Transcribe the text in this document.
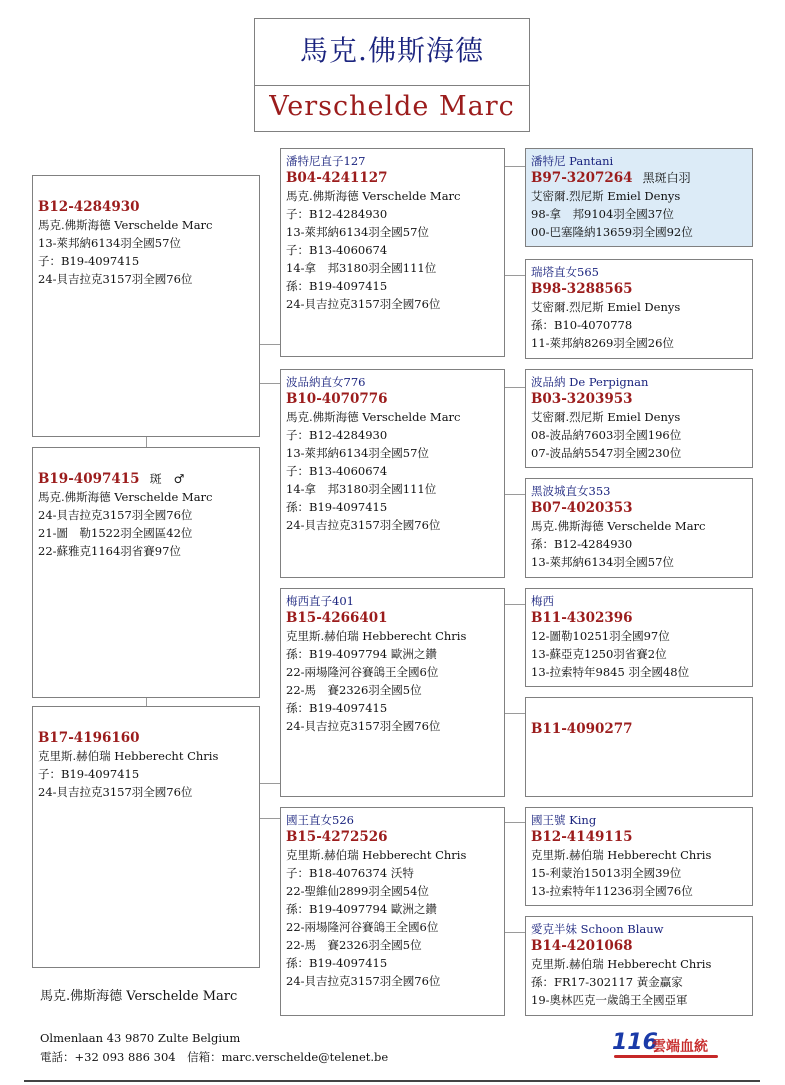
馬克.佛斯海德
Verschelde Marc
B12-4284930
馬克.佛斯海德 Verschelde Marc
13-萊邦納6134羽全國57位
子：B19-4097415
24-貝吉拉克3157羽全國76位
B19-4097415 斑　♂
馬克.佛斯海德 Verschelde Marc
24-貝吉拉克3157羽全國76位
21-圖　勒1522羽全國區42位
22-蘇雅克1164羽省賽97位
B17-4196160
克里斯.赫伯瑞 Hebberecht Chris
子：B19-4097415
24-貝吉拉克3157羽全國76位
潘特尼直子127
B04-4241127
馬克.佛斯海德 Verschelde Marc
子：B12-4284930
13-萊邦納6134羽全國57位
子：B13-4060674
14-拿　邦3180羽全國111位
孫：B19-4097415
24-貝吉拉克3157羽全國76位
波品納直女776
B10-4070776
馬克.佛斯海德 Verschelde Marc
子：B12-4284930
13-萊邦納6134羽全國57位
子：B13-4060674
14-拿　邦3180羽全國111位
孫：B19-4097415
24-貝吉拉克3157羽全國76位
梅西直子401
B15-4266401
克里斯.赫伯瑞 Hebberecht Chris
孫：B19-4097794 歐洲之鑽
22-兩場隆河谷賽鴿王全國6位
22-馬　賽2326羽全國5位
孫：B19-4097415
24-貝吉拉克3157羽全國76位
國王直女526
B15-4272526
克里斯.赫伯瑞 Hebberecht Chris
子：B18-4076374 沃特
22-聖維仙2899羽全國54位
孫：B19-4097794 歐洲之鑽
22-兩場隆河谷賽鴿王全國6位
22-馬　賽2326羽全國5位
孫：B19-4097415
24-貝吉拉克3157羽全國76位
潘特尼 Pantani
B97-3207264 黑斑白羽
艾密爾.烈尼斯 Emiel Denys
98-拿　邦9104羽全國37位
00-巴塞隆納13659羽全國92位
瑞塔直女565
B98-3288565
艾密爾.烈尼斯 Emiel Denys
孫：B10-4070778
11-萊邦納8269羽全國26位
波品納 De Perpignan
B03-3203953
艾密爾.烈尼斯 Emiel Denys
08-波品納7603羽全國196位
07-波品納5547羽全國230位
黑波城直女353
B07-4020353
馬克.佛斯海德 Verschelde Marc
孫：B12-4284930
13-萊邦納6134羽全國57位
梅西
B11-4302396
12-圖勒10251羽全國97位
13-蘇亞克1250羽省賽2位
13-拉索特年9845 羽全國48位
B11-4090277
國王號 King
B12-4149115
克里斯.赫伯瑞 Hebberecht Chris
15-利蒙治15013羽全國39位
13-拉索特年11236羽全國76位
愛克半妹 Schoon Blauw
B14-4201068
克里斯.赫伯瑞 Hebberecht Chris
孫：FR17-302117 黃金贏家
19-奧林匹克一歲鴿王全國亞軍
馬克.佛斯海德 Verschelde Marc
Olmenlaan 43 9870 Zulte Belgium
電話：+32 093 886 304　信箱：marc.verschelde@telenet.be
116
雲端血統
